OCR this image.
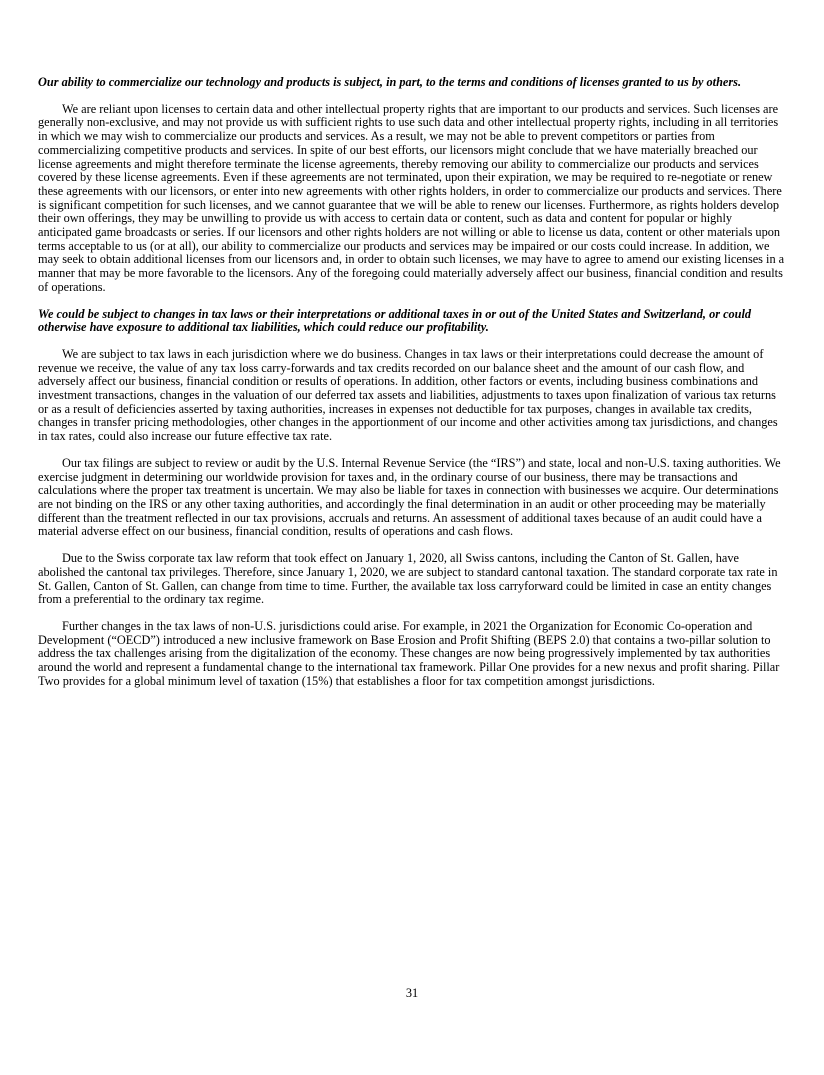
Our ability to commercialize our technology and products is subject, in part, to the terms and conditions of licenses granted to us by others.

We are reliant upon licenses to certain data and other intellectual property rights that are important to our products and services. Such licenses are generally non-exclusive, and may not provide us with sufficient rights to use such data and other intellectual property rights, including in all territories in which we may wish to commercialize our products and services. As a result, we may not be able to prevent competitors or parties from commercializing competitive products and services. In spite of our best efforts, our licensors might conclude that we have materially breached our license agreements and might therefore terminate the license agreements, thereby removing our ability to commercialize our products and services covered by these license agreements. Even if these agreements are not terminated, upon their expiration, we may be required to re-negotiate or renew these agreements with our licensors, or enter into new agreements with other rights holders, in order to commercialize our products and services. There is significant competition for such licenses, and we cannot guarantee that we will be able to renew our licenses. Furthermore, as rights holders develop their own offerings, they may be unwilling to provide us with access to certain data or content, such as data and content for popular or highly anticipated game broadcasts or series. If our licensors and other rights holders are not willing or able to license us data, content or other materials upon terms acceptable to us (or at all), our ability to commercialize our products and services may be impaired or our costs could increase. In addition, we may seek to obtain additional licenses from our licensors and, in order to obtain such licenses, we may have to agree to amend our existing licenses in a manner that may be more favorable to the licensors. Any of the foregoing could materially adversely affect our business, financial condition and results of operations.

We could be subject to changes in tax laws or their interpretations or additional taxes in or out of the United States and Switzerland, or could otherwise have exposure to additional tax liabilities, which could reduce our profitability.

We are subject to tax laws in each jurisdiction where we do business. Changes in tax laws or their interpretations could decrease the amount of revenue we receive, the value of any tax loss carry-forwards and tax credits recorded on our balance sheet and the amount of our cash flow, and adversely affect our business, financial condition or results of operations. In addition, other factors or events, including business combinations and investment transactions, changes in the valuation of our deferred tax assets and liabilities, adjustments to taxes upon finalization of various tax returns or as a result of deficiencies asserted by taxing authorities, increases in expenses not deductible for tax purposes, changes in available tax credits, changes in transfer pricing methodologies, other changes in the apportionment of our income and other activities among tax jurisdictions, and changes in tax rates, could also increase our future effective tax rate.

Our tax filings are subject to review or audit by the U.S. Internal Revenue Service (the “IRS”) and state, local and non-U.S. taxing authorities. We exercise judgment in determining our worldwide provision for taxes and, in the ordinary course of our business, there may be transactions and calculations where the proper tax treatment is uncertain. We may also be liable for taxes in connection with businesses we acquire. Our determinations are not binding on the IRS or any other taxing authorities, and accordingly the final determination in an audit or other proceeding may be materially different than the treatment reflected in our tax provisions, accruals and returns. An assessment of additional taxes because of an audit could have a material adverse effect on our business, financial condition, results of operations and cash flows.

Due to the Swiss corporate tax law reform that took effect on January 1, 2020, all Swiss cantons, including the Canton of St. Gallen, have abolished the cantonal tax privileges. Therefore, since January 1, 2020, we are subject to standard cantonal taxation. The standard corporate tax rate in St. Gallen, Canton of St. Gallen, can change from time to time. Further, the available tax loss carryforward could be limited in case an entity changes from a preferential to the ordinary tax regime.

Further changes in the tax laws of non-U.S. jurisdictions could arise. For example, in 2021 the Organization for Economic Co-operation and Development (“OECD”) introduced a new inclusive framework on Base Erosion and Profit Shifting (BEPS 2.0) that contains a two-pillar solution to address the tax challenges arising from the digitalization of the economy. These changes are now being progressively implemented by tax authorities around the world and represent a fundamental change to the international tax framework. Pillar One provides for a new nexus and profit sharing. Pillar Two provides for a global minimum level of taxation (15%) that establishes a floor for tax competition amongst jurisdictions.

31
